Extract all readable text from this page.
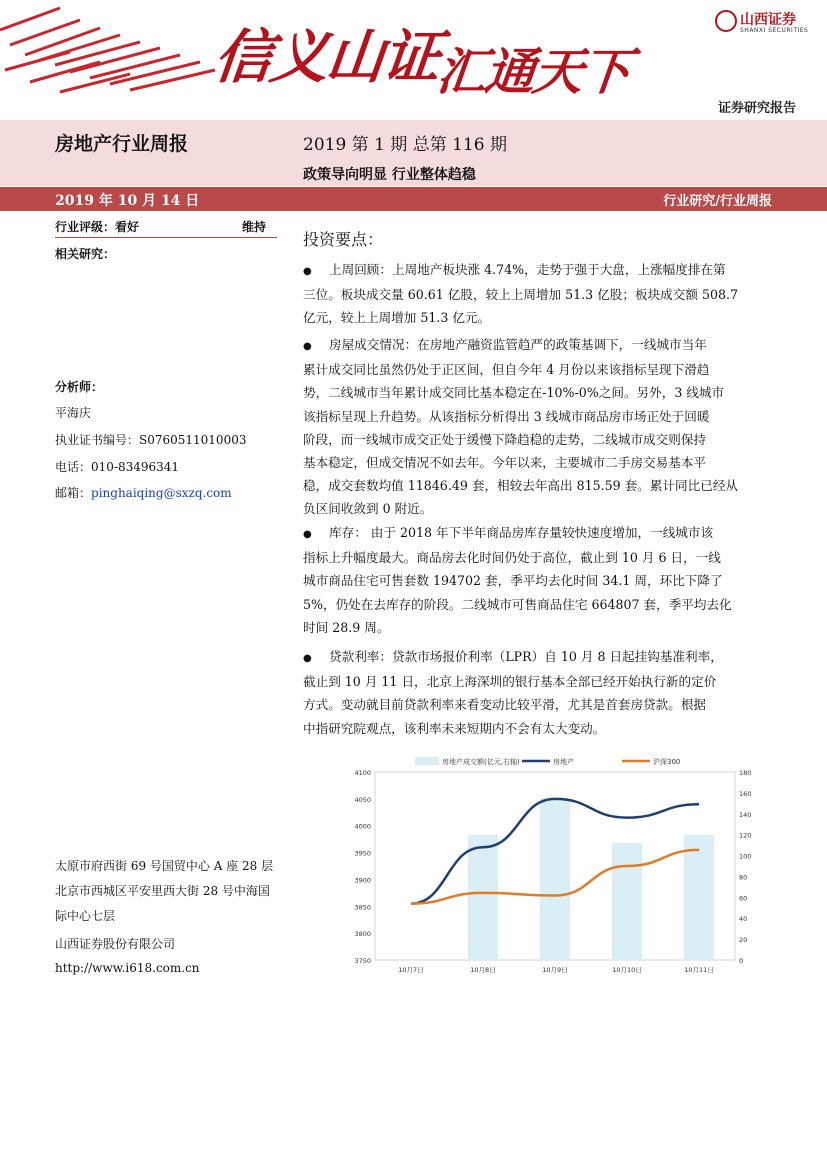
信义山证汇通天下
山西证券
SHANXI SECURITIES
证券研究报告
房地产行业周报	2019 第 1 期 总第 116 期
政策导向明显 行业整体趋稳
2019 年 10 月 14 日	行业研究/行业周报
行业评级：看好	维持
相关研究：
分析师：
平海庆
执业证书编号：S0760511010003
电话：010-83496341
邮箱：pinghaiqing@sxzq.com
太原市府西街 69 号国贸中心 A 座 28 层
北京市西城区平安里西大街 28 号中海国
际中心七层
山西证券股份有限公司
http://www.i618.com.cn
投资要点：
● 上周回顾：上周地产板块涨 4.74%，走势于强于大盘，上涨幅度排在第
三位。板块成交量 60.61 亿股，较上上周增加 51.3 亿股；板块成交额 508.7
亿元，较上上周增加 51.3 亿元。
● 房屋成交情况：在房地产融资监管趋严的政策基调下，一线城市当年
累计成交同比虽然仍处于正区间，但自今年 4 月份以来该指标呈现下滑趋
势，二线城市当年累计成交同比基本稳定在-10%-0%之间。另外，3 线城市
该指标呈现上升趋势。从该指标分析得出 3 线城市商品房市场正处于回暖
阶段，而一线城市成交正处于缓慢下降趋稳的走势，二线城市成交则保持
基本稳定，但成交情况不如去年。今年以来，主要城市二手房交易基本平
稳，成交套数均值 11846.49 套，相较去年高出 815.59 套。累计同比已经从
负区间收敛到 0 附近。
● 库存： 由于 2018 年下半年商品房库存量较快速度增加，一线城市该
指标上升幅度最大。商品房去化时间仍处于高位，截止到 10 月 6 日，一线
城市商品住宅可售套数 194702 套，季平均去化时间 34.1 周，环比下降了
5%，仍处在去库存的阶段。二线城市可售商品住宅 664807 套，季平均去化
时间 28.9 周。
● 贷款利率：贷款市场报价利率（LPR）自 10 月 8 日起挂钩基准利率，
截止到 10 月 11 日，北京上海深圳的银行基本全部已经开始执行新的定价
方式。变动就目前贷款利率来看变动比较平滑，尤其是首套房贷款。根据
中指研究院观点，该利率未来短期内不会有太大变动。
3750
3800
3850
3900
3950
4000
4050
4100
0
20
40
60
80
100
120
140
160
180
10月7日	10月8日	10月9日	10月10日	10月11日
房地产成交额(亿元,右轴)	房地产	沪深300
